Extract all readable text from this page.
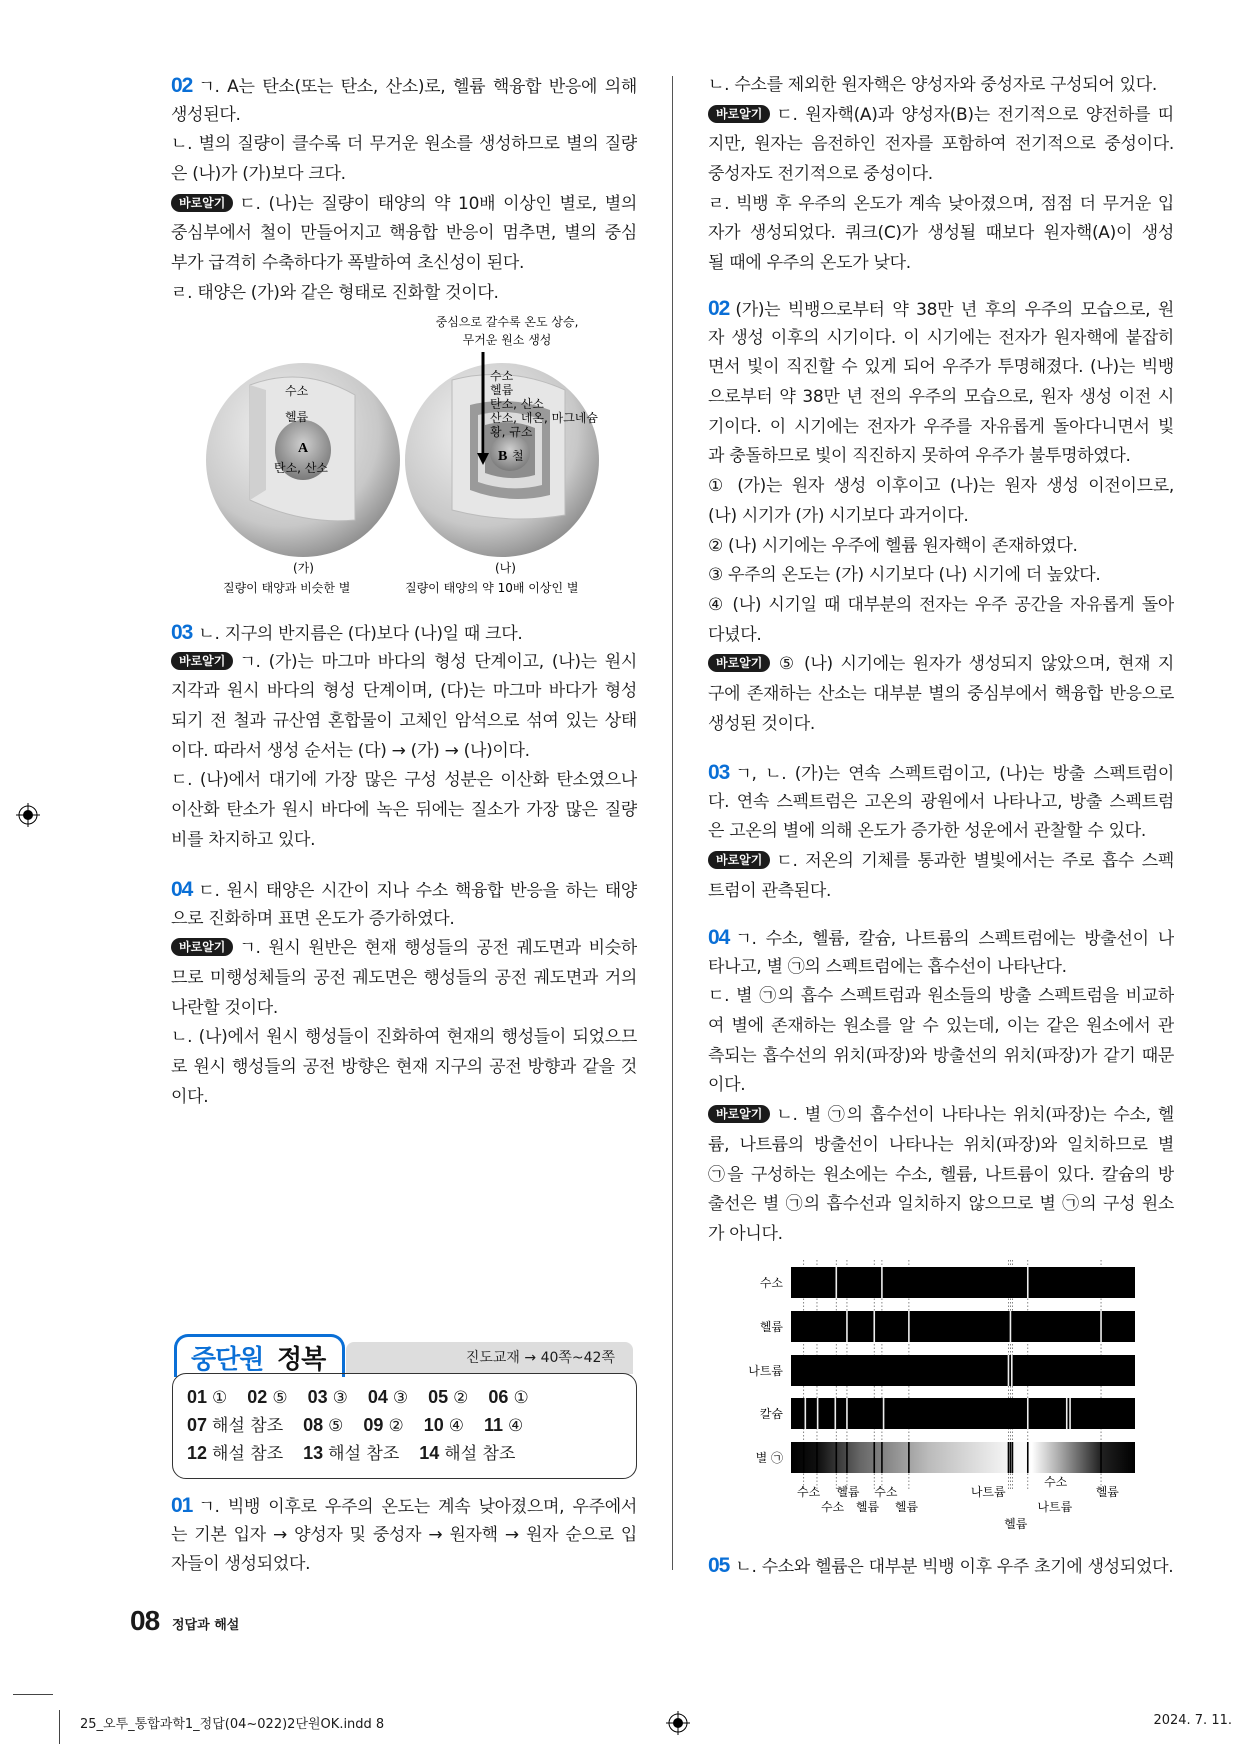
02 ㄱ. A는 탄소(또는 탄소, 산소)로, 헬륨 핵융합 반응에 의해
생성된다.
ㄴ. 별의 질량이 클수록 더 무거운 원소를 생성하므로 별의 질량
은 (나)가 (가)보다 크다.
바로알기 ㄷ. (나)는 질량이 태양의 약 10배 이상인 별로, 별의
중심부에서 철이 만들어지고 핵융합 반응이 멈추면, 별의 중심
부가 급격히 수축하다가 폭발하여 초신성이 된다.
ㄹ. 태양은 (가)와 같은 형태로 진화할 것이다.
03 ㄴ. 지구의 반지름은 (다)보다 (나)일 때 크다.
바로알기 ㄱ. (가)는 마그마 바다의 형성 단계이고, (나)는 원시
지각과 원시 바다의 형성 단계이며, (다)는 마그마 바다가 형성
되기 전 철과 규산염 혼합물이 고체인 암석으로 섞여 있는 상태
이다. 따라서 생성 순서는 (다) → (가) → (나)이다.
ㄷ. (나)에서 대기에 가장 많은 구성 성분은 이산화 탄소였으나
이산화 탄소가 원시 바다에 녹은 뒤에는 질소가 가장 많은 질량
비를 차지하고 있다.
04 ㄷ. 원시 태양은 시간이 지나 수소 핵융합 반응을 하는 태양
으로 진화하며 표면 온도가 증가하였다.
바로알기 ㄱ. 원시 원반은 현재 행성들의 공전 궤도면과 비슷하
므로 미행성체들의 공전 궤도면은 행성들의 공전 궤도면과 거의
나란할 것이다.
ㄴ. (나)에서 원시 행성들이 진화하여 현재의 행성들이 되었으므
로 원시 행성들의 공전 방향은 현재 지구의 공전 방향과 같을 것
이다.
01 ㄱ. 빅뱅 이후로 우주의 온도는 계속 낮아졌으며, 우주에서
는 기본 입자 → 양성자 및 중성자 → 원자핵 → 원자 순으로 입
자들이 생성되었다.
ㄴ. 수소를 제외한 원자핵은 양성자와 중성자로 구성되어 있다.
바로알기 ㄷ. 원자핵(A)과 양성자(B)는 전기적으로 양전하를 띠
지만, 원자는 음전하인 전자를 포함하여 전기적으로 중성이다.
중성자도 전기적으로 중성이다.
ㄹ. 빅뱅 후 우주의 온도가 계속 낮아졌으며, 점점 더 무거운 입
자가 생성되었다. 쿼크(C)가 생성될 때보다 원자핵(A)이 생성
될 때에 우주의 온도가 낮다.
02 (가)는 빅뱅으로부터 약 38만 년 후의 우주의 모습으로, 원
자 생성 이후의 시기이다. 이 시기에는 전자가 원자핵에 붙잡히
면서 빛이 직진할 수 있게 되어 우주가 투명해졌다. (나)는 빅뱅
으로부터 약 38만 년 전의 우주의 모습으로, 원자 생성 이전 시
기이다. 이 시기에는 전자가 우주를 자유롭게 돌아다니면서 빛
과 충돌하므로 빛이 직진하지 못하여 우주가 불투명하였다.
① (가)는 원자 생성 이후이고 (나)는 원자 생성 이전이므로,
(나) 시기가 (가) 시기보다 과거이다.
② (나) 시기에는 우주에 헬륨 원자핵이 존재하였다.
③ 우주의 온도는 (가) 시기보다 (나) 시기에 더 높았다.
④ (나) 시기일 때 대부분의 전자는 우주 공간을 자유롭게 돌아
다녔다.
바로알기 ⑤ (나) 시기에는 원자가 생성되지 않았으며, 현재 지
구에 존재하는 산소는 대부분 별의 중심부에서 핵융합 반응으로
생성된 것이다.
03 ㄱ, ㄴ. (가)는 연속 스펙트럼이고, (나)는 방출 스펙트럼이
다. 연속 스펙트럼은 고온의 광원에서 나타나고, 방출 스펙트럼
은 고온의 별에 의해 온도가 증가한 성운에서 관찰할 수 있다.
바로알기 ㄷ. 저온의 기체를 통과한 별빛에서는 주로 흡수 스펙
트럼이 관측된다.
04 ㄱ. 수소, 헬륨, 칼슘, 나트륨의 스펙트럼에는 방출선이 나
타나고, 별 ㉠의 스펙트럼에는 흡수선이 나타난다.
ㄷ. 별 ㉠의 흡수 스펙트럼과 원소들의 방출 스펙트럼을 비교하
여 별에 존재하는 원소를 알 수 있는데, 이는 같은 원소에서 관
측되는 흡수선의 위치(파장)와 방출선의 위치(파장)가 같기 때문
이다.
바로알기 ㄴ. 별 ㉠의 흡수선이 나타나는 위치(파장)는 수소, 헬
륨, 나트륨의 방출선이 나타나는 위치(파장)와 일치하므로 별
㉠을 구성하는 원소에는 수소, 헬륨, 나트륨이 있다. 칼슘의 방
출선은 별 ㉠의 흡수선과 일치하지 않으므로 별 ㉠의 구성 원소
가 아니다.
05 ㄴ. 수소와 헬륨은 대부분 빅뱅 이후 우주 초기에 생성되었다.
수소
헬륨
A
탄소, 산소
(가)
질량이 태양과 비슷한 별
수소
헬륨
탄소, 산소
산소, 네온, 마그네슘
황, 규소
B 철
(나)
질량이 태양의 약 10배 이상인 별
중심으로 갈수록 온도 상승,
무거운 원소 생성
수소
헬륨
나트륨
칼슘
별 ㉠
수소
수소
헬륨
헬륨
수소
헬륨
나트륨
헬륨
나트륨
수소
헬륨
중단원 정복	진도교재 → 40쪽~42쪽
01 ① 02 ⑤ 03 ③ 04 ③ 05 ② 06 ①07 해설 참조 08 ⑤ 09 ② 10 ④ 11 ④12 해설 참조 13 해설 참조 14 해설 참조
08 정답과 해설
25_오투_통합과학1_정답(04~022)2단원OK.indd 8	2024. 7. 11.
